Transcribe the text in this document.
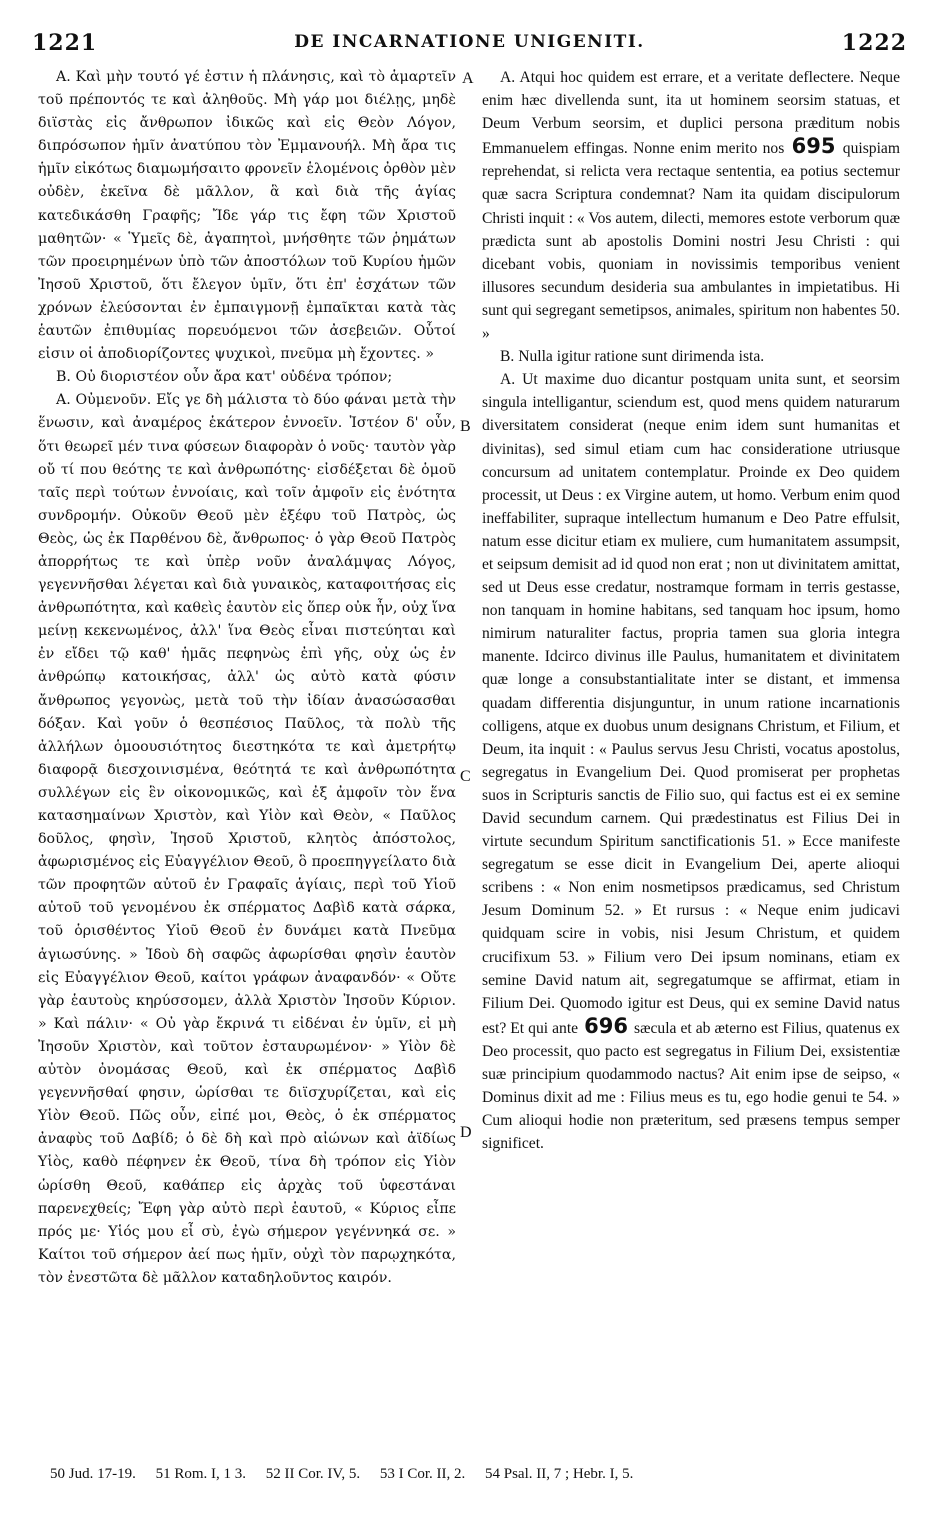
1221	DE INCARNATIONE UNIGENITI.	1222

A. Καὶ μὴν τουτό γέ ἐστιν ἡ πλάνησις, καὶ τὸ ἁμαρτεῖν τοῦ πρέποντός τε καὶ ἀληθοῦς. Μὴ γάρ μοι διέλῃς, μηδὲ διϊστὰς εἰς ἄνθρωπον ἰδικῶς καὶ εἰς Θεὸν Λόγον, διπρόσωπον ἡμῖν ἀνατύπου τὸν Ἐμμανουήλ. Μὴ ἄρα τις ἡμῖν εἰκότως διαμωμήσαιτο φρονεῖν ἑλομένοις ὀρθὸν μὲν οὐδὲν, ἐκεῖνα δὲ μᾶλλον, ἃ καὶ διὰ τῆς ἁγίας κατεδικάσθη Γραφῆς; Ἴδε γάρ τις ἔφη τῶν Χριστοῦ μαθητῶν· « Ὑμεῖς δὲ, ἀγαπητοὶ, μνήσθητε τῶν ῥημάτων τῶν προειρημένων ὑπὸ τῶν ἀποστόλων τοῦ Κυρίου ἡμῶν Ἰησοῦ Χριστοῦ, ὅτι ἔλεγον ὑμῖν, ὅτι ἐπ' ἐσχάτων τῶν χρόνων ἐλεύσονται ἐν ἐμπαιγμονῇ ἐμπαῖκται κατὰ τὰς ἑαυτῶν ἐπιθυμίας πορευόμενοι τῶν ἀσεβειῶν. Οὗτοί εἰσιν οἱ ἀποδιορίζοντες ψυχικοὶ, πνεῦμα μὴ ἔχοντες. »

B. Οὐ διοριστέον οὖν ἄρα κατ' οὐδένα τρόπον;

A. Οὐμενοῦν. Εἴς γε δὴ μάλιστα τὸ δύο φάναι μετὰ τὴν ἕνωσιν, καὶ ἀναμέρος ἑκάτερον ἐννοεῖν. Ἰστέον δ' οὖν, ὅτι θεωρεῖ μέν τινα φύσεων διαφορὰν ὁ νοῦς· ταυτὸν γὰρ οὔ τί που θεότης τε καὶ ἀνθρωπότης· εἰσδέξεται δὲ ὁμοῦ ταῖς περὶ τούτων ἐννοίαις, καὶ τοῖν ἀμφοῖν εἰς ἑνότητα συνδρομήν. Οὐκοῦν Θεοῦ μὲν ἐξέφυ τοῦ Πατρὸς, ὡς Θεὸς, ὡς ἐκ Παρθένου δὲ, ἄνθρωπος· ὁ γὰρ Θεοῦ Πατρὸς ἀπορρήτως τε καὶ ὑπὲρ νοῦν ἀναλάμψας Λόγος, γεγεννῆσθαι λέγεται καὶ διὰ γυναικὸς, καταφοιτήσας εἰς ἀνθρωπότητα, καὶ καθεὶς ἑαυτὸν εἰς ὅπερ οὐκ ἦν, οὐχ ἵνα μείνῃ κεκενωμένος, ἀλλ' ἵνα Θεὸς εἶναι πιστεύηται καὶ ἐν εἴδει τῷ καθ' ἡμᾶς πεφηνὼς ἐπὶ γῆς, οὐχ ὡς ἐν ἀνθρώπῳ κατοικήσας, ἀλλ' ὡς αὐτὸ κατὰ φύσιν ἄνθρωπος γεγονὼς, μετὰ τοῦ τὴν ἰδίαν ἀνασώσασθαι δόξαν. Καὶ γοῦν ὁ θεσπέσιος Παῦλος, τὰ πολὺ τῆς ἀλλήλων ὁμοουσιότητος διεστηκότα τε καὶ ἀμετρήτῳ διαφορᾷ διεσχοινισμένα, θεότητά τε καὶ ἀνθρωπότητα συλλέγων εἰς ἓν οἰκονομικῶς, καὶ ἐξ ἀμφοῖν τὸν ἕνα κατασημαίνων Χριστὸν, καὶ Υἱὸν καὶ Θεὸν, « Παῦλος δοῦλος, φησὶν, Ἰησοῦ Χριστοῦ, κλητὸς ἀπόστολος, ἀφωρισμένος εἰς Εὐαγγέλιον Θεοῦ, ὃ προεπηγγείλατο διὰ τῶν προφητῶν αὐτοῦ ἐν Γραφαῖς ἁγίαις, περὶ τοῦ Υἱοῦ αὐτοῦ τοῦ γενομένου ἐκ σπέρματος Δαβὶδ κατὰ σάρκα, τοῦ ὁρισθέντος Υἱοῦ Θεοῦ ἐν δυνάμει κατὰ Πνεῦμα ἁγιωσύνης. » Ἰδοὺ δὴ σαφῶς ἀφωρίσθαι φησὶν ἑαυτὸν εἰς Εὐαγγέλιον Θεοῦ, καίτοι γράφων ἀναφανδόν· « Οὔτε γὰρ ἑαυτοὺς κηρύσσομεν, ἀλλὰ Χριστὸν Ἰησοῦν Κύριον. » Καὶ πάλιν· « Οὐ γὰρ ἔκρινά τι εἰδέναι ἐν ὑμῖν, εἰ μὴ Ἰησοῦν Χριστὸν, καὶ τοῦτον ἐσταυρωμένον· » Υἱὸν δὲ αὐτὸν ὀνομάσας Θεοῦ, καὶ ἐκ σπέρματος Δαβὶδ γεγεννῆσθαί φησιν, ὡρίσθαι τε διϊσχυρίζεται, καὶ εἰς Υἱὸν Θεοῦ. Πῶς οὖν, εἰπέ μοι, Θεὸς, ὁ ἐκ σπέρματος ἀναφὺς τοῦ Δαβίδ; ὁ δὲ δὴ καὶ πρὸ αἰώνων καὶ ἀϊδίως Υἱὸς, καθὸ πέφηνεν ἐκ Θεοῦ, τίνα δὴ τρόπον εἰς Υἱὸν ὡρίσθη Θεοῦ, καθάπερ εἰς ἀρχὰς τοῦ ὑφεστάναι παρενεχθείς; Ἔφη γὰρ αὐτὸ περὶ ἑαυτοῦ, « Κύριος εἶπε πρός με· Υἱός μου εἶ σὺ, ἐγὼ σήμερον γεγέννηκά σε. » Καίτοι τοῦ σήμερον ἀεί πως ἡμῖν, οὐχὶ τὸν παρῳχηκότα, τὸν ἐνεστῶτα δὲ μᾶλλον καταδηλοῦντος καιρόν.

A
B
C
D

A. Atqui hoc quidem est errare, et a veritate deflectere. Neque enim hæc divellenda sunt, ita ut hominem seorsim statuas, et Deum Verbum seorsim, et duplici persona præditum nobis Emmanuelem effingas. Nonne enim merito nos 695 quispiam reprehendat, si relicta vera rectaque sententia, ea potius sectemur quæ sacra Scriptura condemnat? Nam ita quidam discipulorum Christi inquit : « Vos autem, dilecti, memores estote verborum quæ prædicta sunt ab apostolis Domini nostri Jesu Christi : qui dicebant vobis, quoniam in novissimis temporibus venient illusores secundum desideria sua ambulantes in impietatibus. Hi sunt qui segregant semetipsos, animales, spiritum non habentes 50. »

B. Nulla igitur ratione sunt dirimenda ista.

A. Ut maxime duo dicantur postquam unita sunt, et seorsim singula intelligantur, sciendum est, quod mens quidem naturarum diversitatem considerat (neque enim idem sunt humanitas et divinitas), sed simul etiam cum hac consideratione utriusque concursum ad unitatem contemplatur. Proinde ex Deo quidem processit, ut Deus : ex Virgine autem, ut homo. Verbum enim quod ineffabiliter, supraque intellectum humanum e Deo Patre effulsit, natum esse dicitur etiam ex muliere, cum humanitatem assumpsit, et seipsum demisit ad id quod non erat ; non ut divinitatem amittat, sed ut Deus esse credatur, nostramque formam in terris gestasse, non tanquam in homine habitans, sed tanquam hoc ipsum, homo nimirum naturaliter factus, propria tamen sua gloria integra manente. Idcirco divinus ille Paulus, humanitatem et divinitatem quæ longe a consubstantialitate inter se distant, et immensa quadam differentia disjunguntur, in unum ratione incarnationis colligens, atque ex duobus unum designans Christum, et Filium, et Deum, ita inquit : « Paulus servus Jesu Christi, vocatus apostolus, segregatus in Evangelium Dei. Quod promiserat per prophetas suos in Scripturis sanctis de Filio suo, qui factus est ei ex semine David secundum carnem. Qui prædestinatus est Filius Dei in virtute secundum Spiritum sanctificationis 51. » Ecce manifeste segregatum se esse dicit in Evangelium Dei, aperte alioqui scribens : « Non enim nosmetipsos prædicamus, sed Christum Jesum Dominum 52. » Et rursus : « Neque enim judicavi quidquam scire in vobis, nisi Jesum Christum, et quidem crucifixum 53. » Filium vero Dei ipsum nominans, etiam ex semine David natum ait, segregatumque se affirmat, etiam in Filium Dei. Quomodo igitur est Deus, qui ex semine David natus est? Et qui ante 696 sæcula et ab æterno est Filius, quatenus ex Deo processit, quo pacto est segregatus in Filium Dei, exsistentiæ suæ principium quodammodo nactus? Ait enim ipse de seipso, « Dominus dixit ad me : Filius meus es tu, ego hodie genui te 54. » Cum alioqui hodie non præteritum, sed præsens tempus semper significet.

50 Jud. 17-19. 51 Rom. I, 1 3. 52 II Cor. IV, 5. 53 I Cor. II, 2. 54 Psal. II, 7 ; Hebr. I, 5.
